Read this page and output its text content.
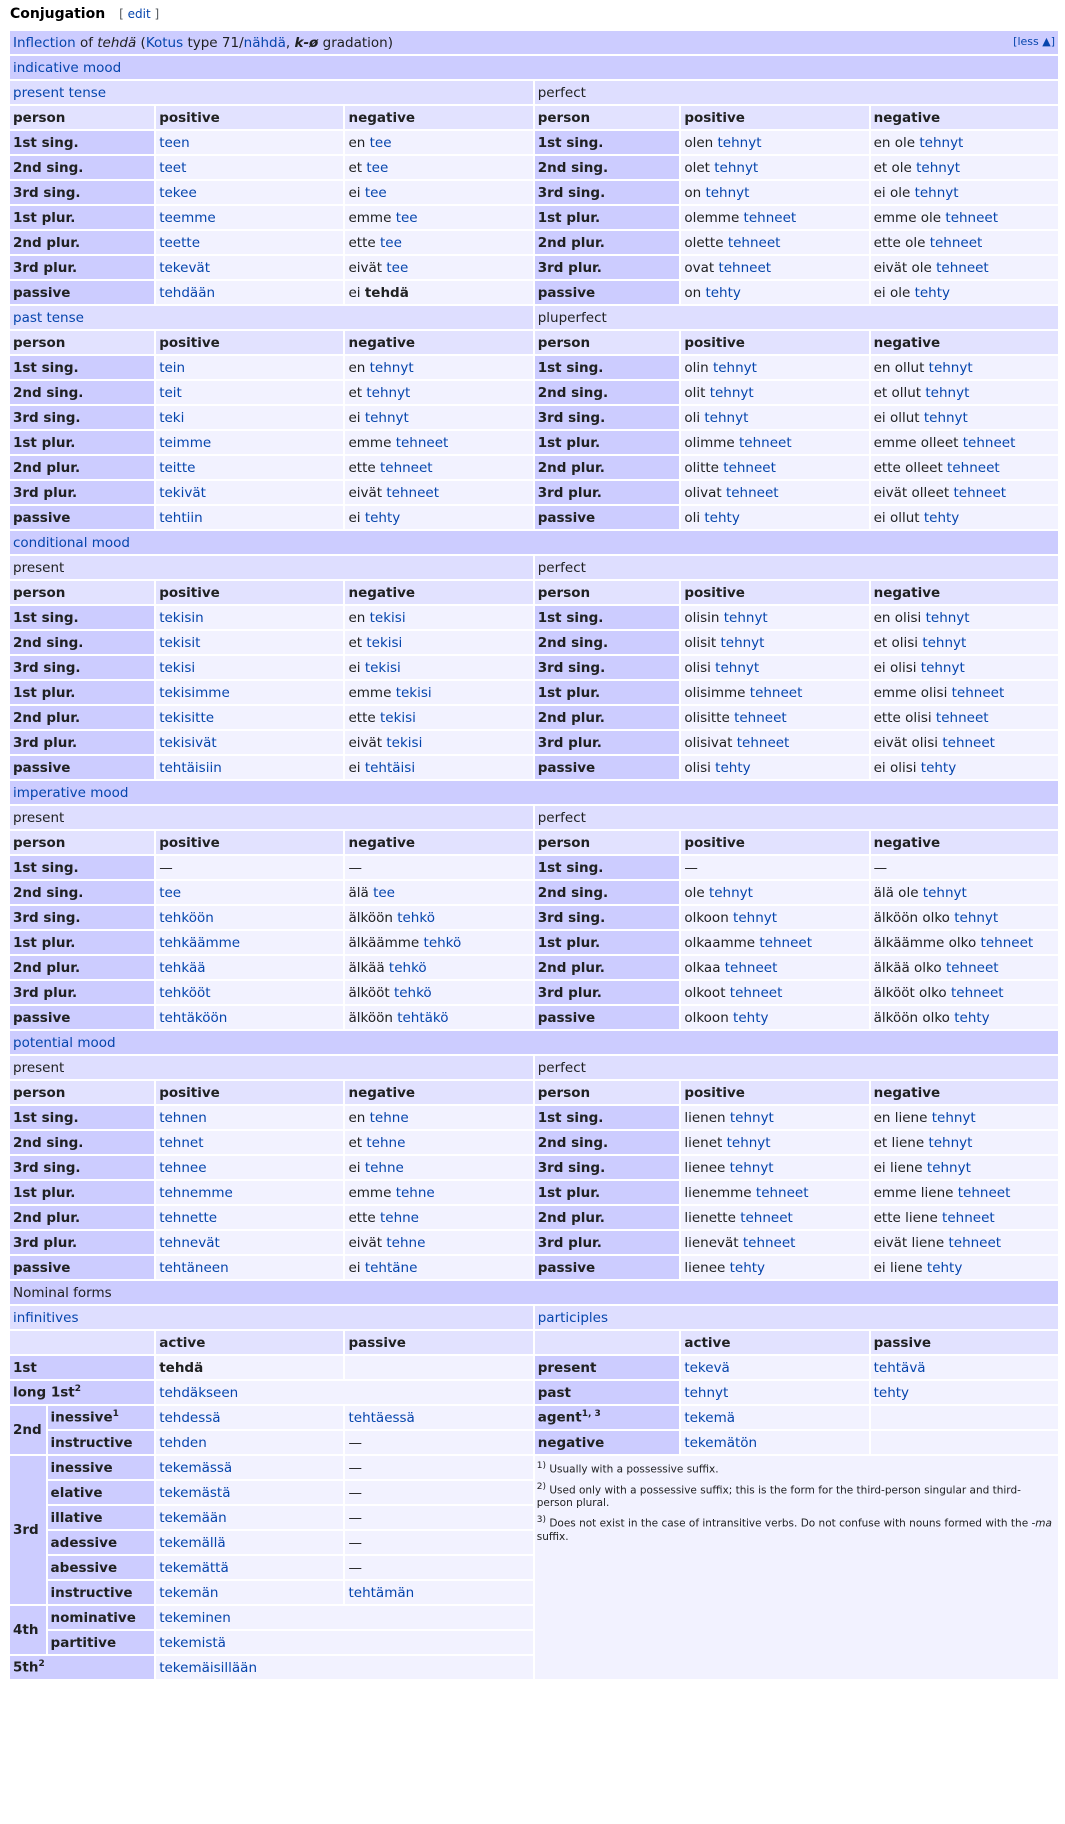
Conjugation [ edit ]
Inflection of tehdä (Kotus type 71/nähdä, k-ø gradation) [less ▲]						

indicative mood						
present tense				perfect		
person		positive	negative	person	positive	negative
1st sing.		teen	en tee	1st sing.	olen tehnyt	en ole tehnyt
2nd sing.		teet	et tee	2nd sing.	olet tehnyt	et ole tehnyt
3rd sing.		tekee	ei tee	3rd sing.	on tehnyt	ei ole tehnyt
1st plur.		teemme	emme tee	1st plur.	olemme tehneet	emme ole tehneet
2nd plur.		teette	ette tee	2nd plur.	olette tehneet	ette ole tehneet
3rd plur.		tekevät	eivät tee	3rd plur.	ovat tehneet	eivät ole tehneet
passive		tehdään	ei tehdä	passive	on tehty	ei ole tehty
past tense				pluperfect		
person		positive	negative	person	positive	negative
1st sing.		tein	en tehnyt	1st sing.	olin tehnyt	en ollut tehnyt
2nd sing.		teit	et tehnyt	2nd sing.	olit tehnyt	et ollut tehnyt
3rd sing.		teki	ei tehnyt	3rd sing.	oli tehnyt	ei ollut tehnyt
1st plur.		teimme	emme tehneet	1st plur.	olimme tehneet	emme olleet tehneet
2nd plur.		teitte	ette tehneet	2nd plur.	olitte tehneet	ette olleet tehneet
3rd plur.		tekivät	eivät tehneet	3rd plur.	olivat tehneet	eivät olleet tehneet
passive		tehtiin	ei tehty	passive	oli tehty	ei ollut tehty
conditional mood						
present				perfect		
person		positive	negative	person	positive	negative
1st sing.		tekisin	en tekisi	1st sing.	olisin tehnyt	en olisi tehnyt
2nd sing.		tekisit	et tekisi	2nd sing.	olisit tehnyt	et olisi tehnyt
3rd sing.		tekisi	ei tekisi	3rd sing.	olisi tehnyt	ei olisi tehnyt
1st plur.		tekisimme	emme tekisi	1st plur.	olisimme tehneet	emme olisi tehneet
2nd plur.		tekisitte	ette tekisi	2nd plur.	olisitte tehneet	ette olisi tehneet
3rd plur.		tekisivät	eivät tekisi	3rd plur.	olisivat tehneet	eivät olisi tehneet
passive		tehtäisiin	ei tehtäisi	passive	olisi tehty	ei olisi tehty
imperative mood						
present				perfect		
person		positive	negative	person	positive	negative
1st sing.		—	—	1st sing.	—	—
2nd sing.		tee	älä tee	2nd sing.	ole tehnyt	älä ole tehnyt
3rd sing.		tehköön	älköön tehkö	3rd sing.	olkoon tehnyt	älköön olko tehnyt
1st plur.		tehkäämme	älkäämme tehkö	1st plur.	olkaamme tehneet	älkäämme olko tehneet
2nd plur.		tehkää	älkää tehkö	2nd plur.	olkaa tehneet	älkää olko tehneet
3rd plur.		tehkööt	älkööt tehkö	3rd plur.	olkoot tehneet	älkööt olko tehneet
passive		tehtäköön	älköön tehtäkö	passive	olkoon tehty	älköön olko tehty
potential mood						
present				perfect		
person		positive	negative	person	positive	negative
1st sing.		tehnen	en tehne	1st sing.	lienen tehnyt	en liene tehnyt
2nd sing.		tehnet	et tehne	2nd sing.	lienet tehnyt	et liene tehnyt
3rd sing.		tehnee	ei tehne	3rd sing.	lienee tehnyt	ei liene tehnyt
1st plur.		tehnemme	emme tehne	1st plur.	lienemme tehneet	emme liene tehneet
2nd plur.		tehnette	ette tehne	2nd plur.	lienette tehneet	ette liene tehneet
3rd plur.		tehnevät	eivät tehne	3rd plur.	lienevät tehneet	eivät liene tehneet
passive		tehtäneen	ei tehtäne	passive	lienee tehty	ei liene tehty
Nominal forms						
infinitives				participles		
		active	passive		active	passive
1st		tehdä		present	tekevä	tehtävä
long $1st^2$		tehdäkseen		past	tehnyt	tehty
2nd	inessive$^1$	tehdessä	tehtäessä	agent$^{1, 3}$	tekemä	
	instructive	tehden	—	negative	tekemätön	
3rd	inessive	tekemässä	—	$^{1)}$ Usually with a possessive suffix.
$^{2)}$ Used only with a possessive suffix; this is the form for the third-person singular and third-person plural.
$^{3)}$ Does not exist in the case of intransitive verbs. Do not confuse with nouns formed with the -ma suffix.		

	elative	tekemästä	—			
	illative	tekemään	—			
	adessive	tekemällä	—			
	abessive	tekemättä	—			
	instructive	tekemän	tehtämän			
4th	nominative	tekeminen				
	partitive	tekemistä				
$5th^2$		tekemäisillään				
